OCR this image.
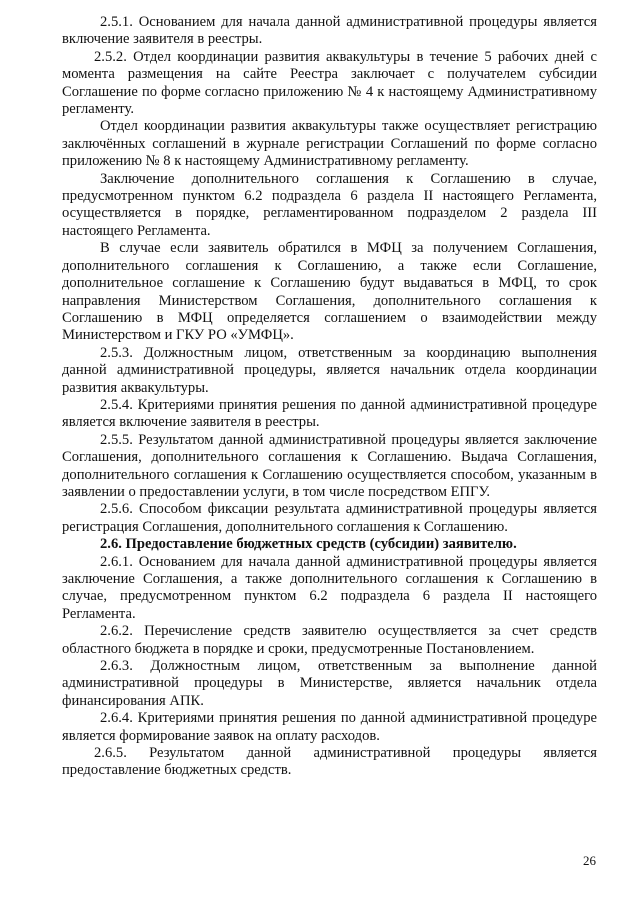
2.5.1. Основанием для начала данной административной процедуры является включение заявителя в реестры.

2.5.2. Отдел координации развития аквакультуры в течение 5 рабочих дней с момента размещения на сайте Реестра заключает с получателем субсидии Соглашение по форме согласно приложению № 4 к настоящему Административному регламенту.

Отдел координации развития аквакультуры также осуществляет регистрацию заключённых соглашений в журнале регистрации Соглашений по форме согласно приложению № 8 к настоящему Административному регламенту.

Заключение дополнительного соглашения к Соглашению в случае, предусмотренном пунктом 6.2 подраздела 6 раздела II настоящего Регламента, осуществляется в порядке, регламентированном подразделом 2 раздела III настоящего Регламента.

В случае если заявитель обратился в МФЦ за получением Соглашения, дополнительного соглашения к Соглашению, а также если Соглашение, дополнительное соглашение к Соглашению будут выдаваться в МФЦ, то срок направления Министерством Соглашения, дополнительного соглашения к Соглашению в МФЦ определяется соглашением о взаимодействии между Министерством и ГКУ РО «УМФЦ».

2.5.3. Должностным лицом, ответственным за координацию выполнения данной административной процедуры, является начальник отдела координации развития аквакультуры.

2.5.4. Критериями принятия решения по данной административной процедуре является включение заявителя в реестры.

2.5.5. Результатом данной административной процедуры является заключение Соглашения, дополнительного соглашения к Соглашению. Выдача Соглашения, дополнительного соглашения к Соглашению осуществляется способом, указанным в заявлении о предоставлении услуги, в том числе посредством ЕПГУ.

2.5.6. Способом фиксации результата административной процедуры является регистрация Соглашения, дополнительного соглашения к Соглашению.

2.6. Предоставление бюджетных средств (субсидии) заявителю.

2.6.1. Основанием для начала данной административной процедуры является заключение Соглашения, а также дополнительного соглашения к Соглашению в случае, предусмотренном пунктом 6.2 подраздела 6 раздела II настоящего Регламента.

2.6.2. Перечисление средств заявителю осуществляется за счет средств областного бюджета в порядке и сроки, предусмотренные Постановлением.

2.6.3. Должностным лицом, ответственным за выполнение данной административной процедуры в Министерстве, является начальник отдела финансирования АПК.

2.6.4. Критериями принятия решения по данной административной процедуре является формирование заявок на оплату расходов.

2.6.5. Результатом данной административной процедуры является предоставление бюджетных средств.

26
